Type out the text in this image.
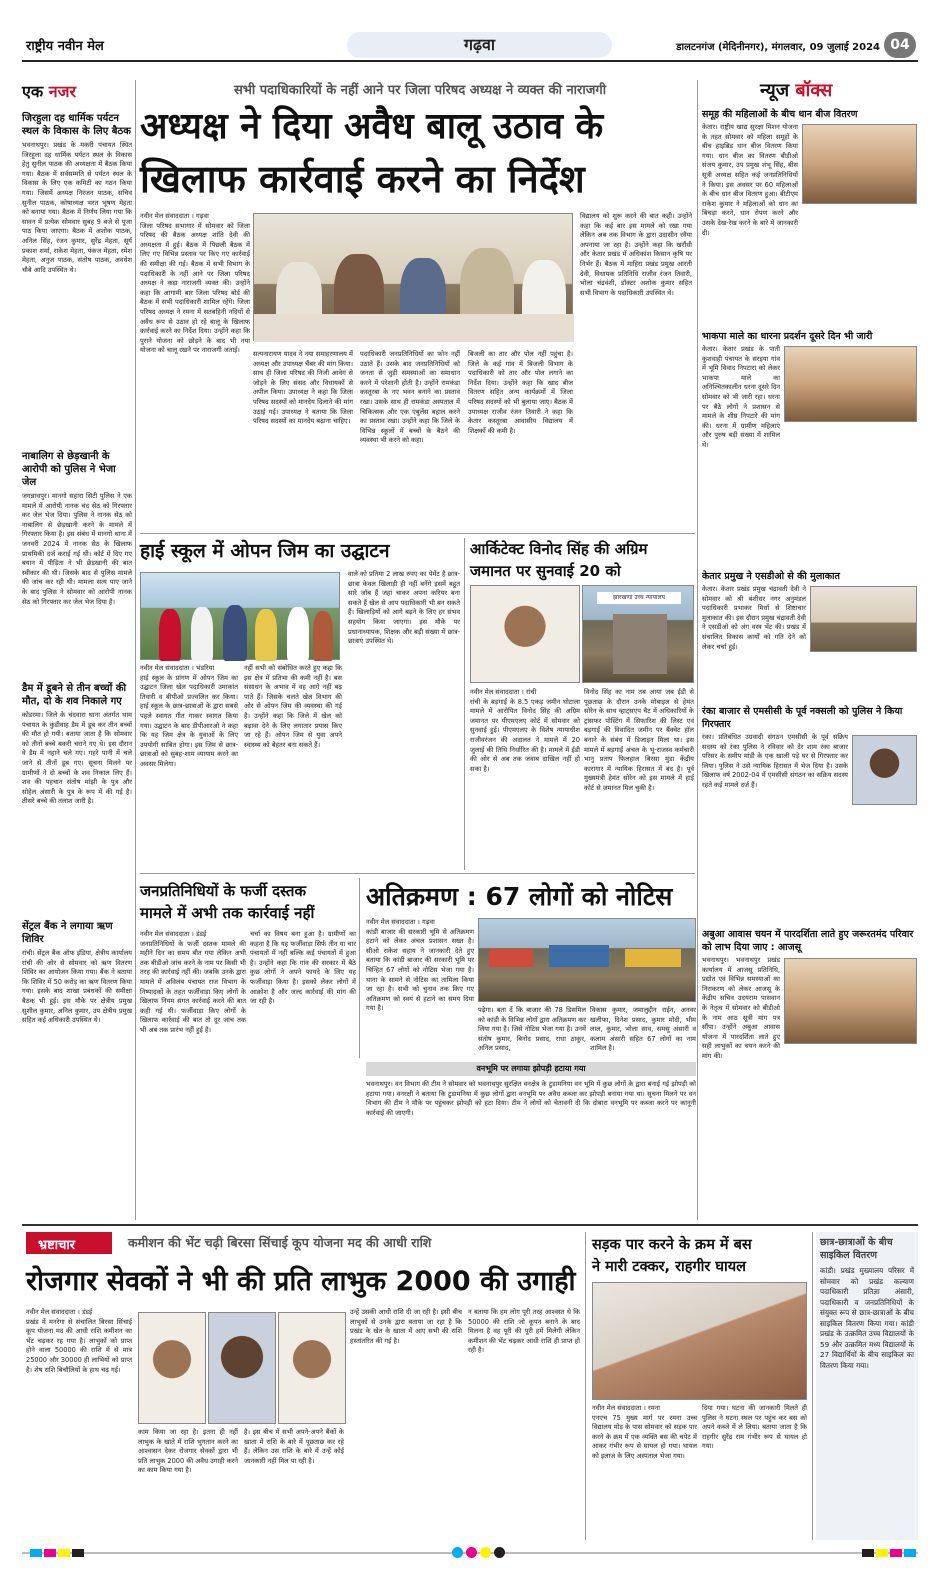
राष्ट्रीय नवीन मेल	गढ़वा	डालटनगंज (मेदिनीनगर), मंगलवार, 09 जुलाई 2024 04
एक नजर
जिरहुला दह धार्मिक पर्यटन स्थल के विकास के लिए बैठक
भवनाथपुर। प्रखंड के मकरी पंचायत स्थित जिरहुला दह धार्मिक पर्यटन स्थल के विकास हेतु सुनील पाठक की अध्यक्षता में बैठक किया गया। बैठक में सर्वसम्मति से पर्यटन स्थल के विकास के लिए एक कमिटी का गठन किया गया। जिसमें अध्यक्ष निरंजन पाठक, सचिव सुनील पाठक, कोषाध्यक्ष भरत भूषण मेहता को बनाया गया। बैठक में निर्णय लिया गया कि सावन में प्रत्येक सोमवार सुबह 9 बजे से पूजा पाठ किया जाएगा। बैठक में अशोक पाठक, अनिल सिंह, रंजन कुमार, सुरेंद्र मेहता, सूर्य प्रकाश शर्मा, राकेश मेहता, पंकज मेहता, रमेश मेहता, अनुज पाठक, संतोष पाठक, अवधेश चौबे आदि उपस्थित थे।
नाबालिग से छेड़खानी के आरोपी को पुलिस ने भेजा जेल
जगन्नाथपुर। मानगो सहारा सिटी पुलिस ने एक मामले में आरोपी नानक चंद सेठ को गिरफ्तार कर जेल भेज दिया। पुलिस ने नानक सेठ को नाबालिग से छेड़खानी करने के मामले में गिरफ्तार किया है। इस संबंध में मानगो थाना में जनवरी 2024 में नानक सेठ के खिलाफ प्राथमिकी दर्ज कराई गई थी। कोर्ट में दिए गए बयान में पीड़िता ने भी छेड़खानी की बात स्वीकार की थी। जिसके बाद से पुलिस मामले की जांच कर रही थी। मामला सत्य पाए जाने के बाद पुलिस ने सोमवार को आरोपी नानक सेठ को गिरफ्तार कर जेल भेज दिया है।
डैम में डूबने से तीन बच्चों की मौत, दो के शव निकाले गए
कोडरमा। जिले के चंदवारा थाना अंतर्गत थाम पंचायत के कुंडीवाह डैम में डूब कर तीन बच्चों की मौत हो गयी। बताया जाता है कि सोमवार को तीनों बच्चे बकरी चराने गए थे। इस दौरान वे डैम में नहाने चले गए। गहरे पानी में चले जाने से तीनों डूब गए। सूचना मिलने पर ग्रामीणों ने दो बच्चों के शव निकाल लिए हैं। शव की पहचान संतोष मांझी के पुत्र और सोहेल अंसारी के पुत्र के रूप में की गई है। तीसरे बच्चे की तलाश जारी है।
सेंट्रल बैंक ने लगाया ऋण शिविर
रांची। सेंट्रल बैंक ऑफ इंडिया, क्षेत्रीय कार्यालय रांची की ओर से सोमवार को ऋण वितरण शिविर का आयोजन किया गया। बैंक ने बताया कि शिविर में 50 करोड़ का ऋण वितरण किया गया। इसके बाद शाखा प्रबंधकों की समीक्षा बैठक भी हुई। इस मौके पर क्षेत्रीय प्रमुख सुशील कुमार, अनिल कुमार, उप क्षेत्रीय प्रमुख सहित कई अधिकारी उपस्थित थे।
सभी पदाधिकारियों के नहीं आने पर जिला परिषद अध्यक्ष ने व्यक्त की नाराजगी
अध्यक्ष ने दिया अवैध बालू उठाव के
खिलाफ कार्रवाई करने का निर्देश
नवीन मेल संवाददाता । गढ़वा
जिला परिषद सभागार में सोमवार को जिला परिषद की बैठक अध्यक्ष शांति देवी की अध्यक्षता में हुई। बैठक में पिछली बैठक में लिए गए विभिन्न प्रस्ताव पर किए गए कार्रवाई की समीक्षा की गई। बैठक में सभी विभाग के पदाधिकारी के नहीं आने पर जिला परिषद अध्यक्ष ने कड़ा नाराजगी व्यक्त की। उन्होंने कहा कि आगामी बार जिला परिषद बोर्ड की बैठक में सभी पदाधिकारी शामिल रहेंगे। जिला परिषद अध्यक्ष ने रमना में सतबहिनी नदियों से अवैध रूप से उठाव हो रहे बालू के खिलाफ कार्रवाई करने का निर्देश दिया। उन्होंने कहा कि पुराने योजना को छोड़ने के बाद भी नया योजना को चालू रखने पर नाराजगी जताई।	सत्यनारायण यादव ने नया समाहरणालय में अध्यक्ष और उपाध्यक्ष चैंबर की मांग किया। साथ ही जिला परिषद की निजी आवेग से जोड़ने के लिए संसद और विधायकों से अपील किया। उपाध्यक्ष ने कहा कि जिला परिषद सदस्यों को मानदेय दिलाने की मांग उठाई गई। उपाध्यक्ष ने बताया कि जिला परिषद सदस्यों का मानदेय बढ़ाना चाहिए।
पदाधिकारी जनप्रतिनिधियों का फोन नहीं उठाते हैं। उसके बाद जनप्रतिनिधियों को जनता से जुड़ी समस्याओं का समाधान करने में परेशानी होती है। उन्होंने रामकंडा कस्तूरबा के नए भवन बनाने का प्रस्ताव रखा। उसके साथ ही रामकंडा अस्पताल में चिकित्सक और एक एंबुलेंस बहाल करने का प्रस्ताव रखा। उन्होंने कहा कि जिले के विभिन्न स्कूलों में बच्चों के बैठने की व्यवस्था भी करने को कहा।
बिजली का तार और पोल नहीं पहुंचा है। जिले के कई गांव में बिजली विभाग के पदाधिकारी को तार और पोल लगाने का निर्देश दिया। उन्होंने कहा कि खाद बीज वितरण सहित अन्य कार्यक्रमों में जिला परिषद सदस्यों को भी बुलाया जाए। बैठक में उपाध्यक्ष राजीव रंजन तिवारी ने कहा कि केतार कस्तूरबा आवासीय विद्यालय में शिक्षकों की कमी है।
विद्यालय को शुरू करने की बात कही। उन्होंने कहा कि कई बार इस मामले को रखा गया लेकिन अब तक विभाग के द्वारा उदासीन रवैया अपनाया जा रहा है। उन्होंने कहा कि खरौंधी और केतार प्रखंड में अधिकांश किसान कृषि पर निर्भर हैं। बैठक में माहिरा प्रखंड प्रमुख आरती देवी, विधायक प्रतिनिधि राजीव रंजन तिवारी, भोला चंद्रवंशी, डॉक्टर अशोक कुमार सहित सभी विभाग के पदाधिकारी उपस्थित थे।
हाई स्कूल में ओपन जिम का उद्घाटन
नवीन मेल संवाददाता । भंडरिया
हाई स्कूल के प्रांगण में ओपन जिम का उद्घाटन जिला खेल पदाधिकारी उमाकांत तिवारी व बीपीओ प्रज्वलित कर किया। हाई स्कूल के छात्र-छात्राओं के द्वारा सबसे पहले स्वागत गीत गाकर स्वागत किया गया। उद्घाटन के बाद डीपीआरओ ने कहा कि यह जिम क्षेत्र के युवाओं के लिए उपयोगी साबित होगा। इस जिम से छात्र-छात्राओं को सुबह-शाम व्यायाम करने का अवसर मिलेगा।
नहीं सभी को संबोधित करते हुए कहा कि इस क्षेत्र में प्रतिभा की कमी नहीं है। बस संसाधन के अभाव में वह आगे नहीं बढ़ पाते हैं। जिसके चलते खेल विभाग की ओर से ओपन जिम की व्यवस्था की गई है। उन्होंने कहा कि जिले में खेल को बढ़ावा देने के लिए लगातार प्रयास किए जा रहे हैं। ओपन जिम से युवा अपने स्वास्थ्य को बेहतर बना सकते हैं।
वाले को प्रतिमा 2 लाख रुपए का पेमेंट है छात्र-छात्रा केवल खिलाड़ी ही नहीं बनेंगे इसमें बहुत सारे जॉब हैं जहां चाकर अपना करियर बना सकते हैं खेल से आप पदाधिकारी भी बन सकते हैं। खिलाड़ियों को आगे बढ़ने के लिए हर संभव सहयोग किया जाएगा। इस मौके पर प्रधानाध्यापक, शिक्षक और बड़ी संख्या में छात्र-छात्राएं उपस्थित थे।
आर्किटेक्ट विनोद सिंह की अग्रिम
जमानत पर सुनवाई 20 को
झारखण्ड उच्च न्यायालय
नवीन मेल संवाददाता । रांची
रांची के बड़गाईं के 8.5 एकड़ जमीन घोटाला मामले में आरोपित विनोद सिंह की अग्रिम जमानत पर पीएमएलए कोर्ट में सोमवार को सुनवाई हुई। पीएमएलए के विशेष न्यायाधीश राजीवरंजन की अदालत ने मामले में 20 जुलाई की तिथि निर्धारित की है। मामले में ईडी की ओर से अब तक जवाब दाखिल नहीं हो सका है।
विनोद सिंह का नाम तब आया जब ईडी से पूछताछ के दौरान उनके मोबाइल से हेमंत सोरेन के साथ व्हाट्सएप चैट में अधिकारियों के ट्रांसफर पोस्टिंग में सिफारिश की लिस्ट एवं बड़गाईं की विवादित जमीन पर बैंक्वेट हॉल बनाने के संबंध में डिजाइन मिला था। इस मामले में बड़गाईं अंचल के भू-राजस्व कर्मचारी भानु प्रताप फिलहाल बिरसा मुंडा केंद्रीय कारागार में न्यायिक हिरासत में बंद है। पूर्व मुख्यमंत्री हेमंत सोरेन को इस मामले में हाई कोर्ट से जमानत मिल चुकी है।
जनप्रतिनिधियों के फर्जी दस्तक
मामले में अभी तक कार्रवाई नहीं
नवीन मेल संवाददाता । डंडई
जनप्रतिनिधियों के फर्जी दस्तक मामले की महीने दिन का समय बीत गया लेकिन अभी तक बीडीओ जांच करने के नाम पर किसी भी तरह की कार्रवाई नहीं की। जबकि उनके द्वारा मामले में अविलंब पंचायत राज विभाग के निष्पादकों के तहत फर्जीवाड़ा किए लोगों के खिलाफ नियम संगत कार्रवाई करने की बात कही गई थी। फर्जीवाड़ा किए लोगों के खिलाफ कार्रवाई की बात तो दूर जांच तक भी अब तक प्रारंभ नहीं हुई है।
चर्चा का विषय बना हुआ है। ग्रामीणों का कहना है कि यह फर्जीवाड़ा सिर्फ तीन या चार पंचायतों में नहीं बल्कि कई पंचायतों में हुआ है। उन्होंने कहा कि गांव की सरकार में बैठे कुछ लोगों ने अपने फायदे के लिए यह फर्जीवाड़ा किया है। इसको लेकर लोगों में आक्रोश है और जल्द कार्रवाई की मांग की जा रही है।
अतिक्रमण : 67 लोगों को नोटिस
नवीन मेल संवाददाता । गढ़वा
कांडी बाजार की सरकारी भूमि से अतिक्रमण हटाने को लेकर अंचल प्रशासन सख्त है। सीओ राकेश सहाय ने जानकारी देते हुए बताया कि कांडी बाजार की सरकारी भूमि पर चिन्हित 67 लोगों को नोटिस भेजा गया है। थाना के सामने से नोटिस का तामिला किया जा रहा है। सभी को चुनाव तक किए गए अतिक्रमण को स्वयं से हटाने का समय दिया गया है।	पढ़ेगा। बता दें कि बाजार की 78 डिसमिल को कांडी के विभिन्न लोगों द्वारा अतिक्रमण कर लिया गया है। जिसे नोटिस भेजा गया है। उनमें संतोष कुमार, बिनोद प्रसाद, राधा ठाकुर, अनिल प्रसाद,
विकास कुमार, जमालुद्दीन राईन, अनवर खलीफा, दिनेश प्रसाद, कुमार मोदी, भीम लाल, कुमार, भोला साव, समसु अंसारी व कलाम अंसारी सहित 67 लोगों का नाम शामिल है।
वनभूमि पर लगाया झोपड़ी हटाया गया
भवनाथपुर। वन विभाग की टीम ने सोमवार को भवनाथपुर सुरक्षित वनक्षेत्र के टुडामनिया वन भूमि में कुछ लोगों के द्वारा बनाई गई झोपड़ी को हटाया गया। वनरक्षी ने बताया कि टुडामनिया में कुछ लोगों द्वारा वनभूमि पर अवैध कब्जा कर झोपड़ी बनाया गया था। सूचना मिलने पर वन विभाग की टीम ने मौके पर पहुंचकर झोपड़ी को हटा दिया। टीम ने लोगों को चेतावनी दी कि दोबारा वनभूमि पर कब्जा करने पर कानूनी कार्रवाई की जाएगी।
न्यूज बॉक्स
समूह की महिलाओं के बीच धान बीज वितरण
केतार। राष्ट्रीय खाद्य सुरक्षा मिशन योजना के तहत सोमवार को महिला समूहों के बीच हाइब्रिड धान बीज वितरण किया गया। धान बीज का वितरण बीडीओ संजय कुमार, उप प्रमुख शंभू सिंह, बीस सूत्री अध्यक्ष सहित कई जनप्रतिनिधियों ने किया। इस अवसर पर 60 महिलाओं के बीच धान बीज वितरण हुआ। बीटीएम राकेश कुमार ने महिलाओं को धान का बिचड़ा करने, धान रोपण करने और उसके देख-रेख करने के बारे में जानकारी दी।
भाकपा माले का धारना प्रदर्शन दूसरे दिन भी जारी
केतार। केतार प्रखंड के पाती कुशवाही पंचायत के सरइया गांव में भूमि विवाद निपटारा को लेकर भाकपा माले का अनिश्चितकालीन धरना दूसरे दिन सोमवार को भी जारी रहा। धरना पर बैठे लोगों ने प्रशासन से मामले के शीघ्र निपटारे की मांग की। धरना में ग्रामीण महिलाएं और पुरुष बड़ी संख्या में शामिल थे।
केतार प्रमुख ने एसडीओ से की मुलाकात
केतार। केतार प्रखंड प्रमुख चंद्रावती देवी ने सोमवार को श्री बंशीधर नगर अनुमंडल पदाधिकारी प्रभाकर मिर्धा से शिष्टाचार मुलाकात की। इस दौरान प्रमुख चंद्रावती देवी ने एसडीओ को अंग वस्त्र भेंट की। प्रखंड में संचालित विकास कार्यों को गति देने को लेकर चर्चा हुई।
रंका बाजार से एमसीसी के पूर्व नक्सली को पुलिस ने किया गिरफ्तार
रंका। प्रतिबंधित उग्रवादी संगठन एमसीसी के पूर्व सक्रिय सदस्य को रंका पुलिस ने रविवार को देर शाम रंका बाजार परिसर के समीप मांडी के एक खाली पड़े घर से गिरफ्तार कर लिया। पुलिस ने उसे न्यायिक हिरासत में भेज दिया है। उसके खिलाफ वर्ष 2002-04 में एमसीसी संगठन का सक्रिय सदस्य रहते कई मामले दर्ज हैं।
अबुआ आवास चयन में पारदर्शिता लाते हुए जरूरतमंद परिवार को लाभ दिया जाए : आजसू
भवनाथपुर। भवनाथपुर प्रखंड कार्यालय में आजसू प्रतिनिधि, प्रद्योत एवं विभिन्न समस्याओं का निराकरण को लेकर आजसू के केंद्रीय सचिव उदयराम पासवान के नेतृत्व में सोमवार को बीडीओ के नाम आठ सूत्री मांग पत्र सौंपा। उन्होंने अबुआ आवास योजना में पारदर्शिता लाते हुए सही लाभुकों का चयन करने की मांग की।
भ्रष्टाचार	कमीशन की भेंट चढ़ी बिरसा सिंचाई कूप योजना मद की आधी राशि
रोजगार सेवकों ने भी की प्रति लाभुक 2000 की उगाही
नवीन मेल संवाददाता । डंडई
प्रखंड में मनरेगा से संचालित बिरसा सिंचाई कूप योजना मद की आधी राशि कमीशन का भेंट चढ़कर रह गया है। लाभुकों को प्राप्त होने वाला 50000 की राशि में से मात्र 25000 और 30000 ही लाभियों को प्राप्त है। शेष राशि बिचौलियों के हाथ चढ़ गई।
काम किया जा रहा है। इतना ही नहीं लाभुक के खाते में राशि भुगतान करने का आश्वासन देकर रोजगार सेवकों द्वारा भी प्रति लाभुक 2000 की अवैध उगाही करने का काम किया गया है।
है। इस बीच में सभी अपने-अपने बैंकों के खाता में राशि के बारे में पूछताछ कर रहे हैं। लेकिन उस राशि के बारे में उन्हें कोई जानकारी नहीं मिल पा रही है।
उन्हें उसकी आधी राशि दी जा रही है। इसी बीच लाभुकों से उनके द्वारा बताया जा रहा है कि प्रखंड के खेत के खाता में आए सभी की राशि हस्तांतरित की गई है।
न बताया कि हम लोग पूरी तरह आश्वस्त थे कि 50000 की राशि जो कूपन बनाने के बाद मिलना है वह पूरी की पूरी हमें मिलेगी लेकिन कमीशन की भेंट चढ़कर आधी राशि ही प्राप्त हो रही है।
सड़क पार करने के क्रम में बस
ने मारी टक्कर, राहगीर घायल
नवीन मेल संवाददाता । रमना
एनएच 75 मुख्य मार्ग पर रमना उच्च विद्यालय मोड़ के पास सोमवार को सड़क पार करने के क्रम में एक व्यक्ति बस की चपेट में आकर गंभीर रूप से घायल हो गया। घायल को इलाज के लिए अस्पताल भेजा गया।
दिया गया। घटना की जानकारी मिलते ही पुलिस ने घटना स्थल पर पहुंच कर बस को अपने कब्जे में ले लिया। बताया जाता है कि राहगीर सुरेंद्र राम गंभीर रूप से घायल हो गया।
छात्र-छात्राओं के बीच साइकिल वितरण
कांडी। प्रखंड मुख्यालय परिसर में सोमवार को प्रखंड कल्याण पदाधिकारी प्रतिज्ञा अंसारी, पदाधिकारी व जनप्रतिनिधियों के संयुक्त रूप से छात्र-छात्राओं के बीच साइकिल वितरण किया गया। कांडी प्रखंड के उत्क्रमित उच्च विद्यालयों के 59 और उत्क्रमित मध्य विद्यालयों के 27 विद्यार्थियों के बीच साइकिल का वितरण किया गया।
